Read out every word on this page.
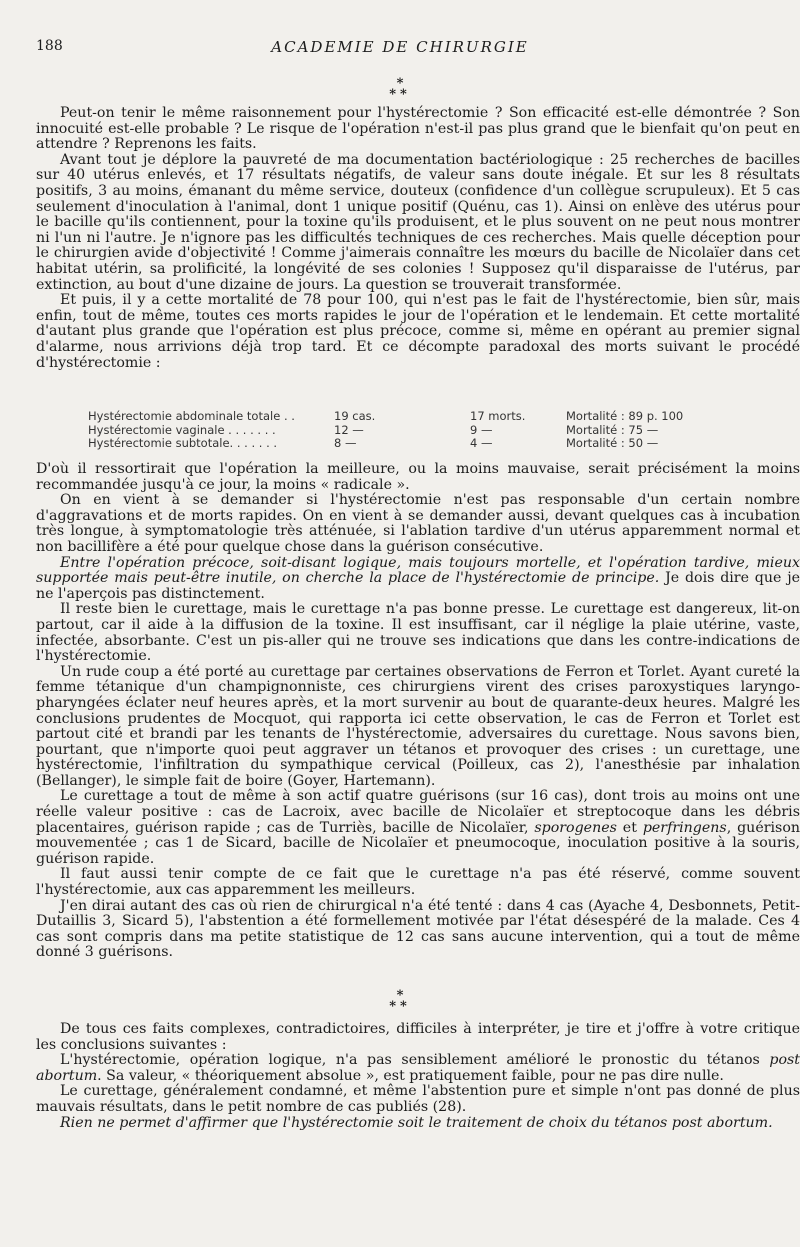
188	ACADEMIE DE CHIRURGIE
*
**

Peut-on tenir le même raisonnement pour l'hystérectomie ? Son efficacité est-elle démontrée ? Son innocuité est-elle probable ? Le risque de l'opération n'est-il pas plus grand que le bienfait qu'on peut en attendre ? Reprenons les faits.

Avant tout je déplore la pauvreté de ma documentation bactériologique : 25 recherches de bacilles sur 40 utérus enlevés, et 17 résultats négatifs, de valeur sans doute inégale. Et sur les 8 résultats positifs, 3 au moins, émanant du même service, douteux (confidence d'un collègue scrupuleux). Et 5 cas seulement d'inoculation à l'animal, dont 1 unique positif (Quénu, cas 1). Ainsi on enlève des utérus pour le bacille qu'ils contiennent, pour la toxine qu'ils produisent, et le plus souvent on ne peut nous montrer ni l'un ni l'autre. Je n'ignore pas les difficultés techniques de ces recherches. Mais quelle déception pour le chirurgien avide d'objectivité ! Comme j'aimerais connaître les mœurs du bacille de Nicolaïer dans cet habitat utérin, sa prolificité, la longévité de ses colonies ! Supposez qu'il disparaisse de l'utérus, par extinction, au bout d'une dizaine de jours. La question se trouverait transformée.

Et puis, il y a cette mortalité de 78 pour 100, qui n'est pas le fait de l'hystérectomie, bien sûr, mais enfin, tout de même, toutes ces morts rapides le jour de l'opération et le lendemain. Et cette mortalité d'autant plus grande que l'opération est plus précoce, comme si, même en opérant au premier signal d'alarme, nous arrivions déjà trop tard. Et ce décompte paradoxal des morts suivant le procédé d'hystérectomie :

Hystérectomie abdominale totale . .	19 cas.	17 morts.	Mortalité : 89 p. 100
Hystérectomie vaginale . . . . . . .	12 —	9 —	Mortalité : 75 —
Hystérectomie subtotale. . . . . . .	8 —	4 —	Mortalité : 50 —

D'où il ressortirait que l'opération la meilleure, ou la moins mauvaise, serait précisément la moins recommandée jusqu'à ce jour, la moins « radicale ».

On en vient à se demander si l'hystérectomie n'est pas responsable d'un certain nombre d'aggravations et de morts rapides. On en vient à se demander aussi, devant quelques cas à incubation très longue, à symptomatologie très atténuée, si l'ablation tardive d'un utérus apparemment normal et non bacillifère a été pour quelque chose dans la guérison consécutive.

Entre l'opération précoce, soit-disant logique, mais toujours mortelle, et l'opération tardive, mieux supportée mais peut-être inutile, on cherche la place de l'hystérectomie de principe. Je dois dire que je ne l'aperçois pas distinctement.

Il reste bien le curettage, mais le curettage n'a pas bonne presse. Le curettage est dangereux, lit-on partout, car il aide à la diffusion de la toxine. Il est insuffisant, car il néglige la plaie utérine, vaste, infectée, absorbante. C'est un pis-aller qui ne trouve ses indications que dans les contre-indications de l'hystérectomie.

Un rude coup a été porté au curettage par certaines observations de Ferron et Torlet. Ayant cureté la femme tétanique d'un champignonniste, ces chirurgiens virent des crises paroxystiques laryngo-pharyngées éclater neuf heures après, et la mort survenir au bout de quarante-deux heures. Malgré les conclusions prudentes de Mocquot, qui rapporta ici cette observation, le cas de Ferron et Torlet est partout cité et brandi par les tenants de l'hystérectomie, adversaires du curettage. Nous savons bien, pourtant, que n'importe quoi peut aggraver un tétanos et provoquer des crises : un curettage, une hystérectomie, l'infiltration du sympathique cervical (Poilleux, cas 2), l'anesthésie par inhalation (Bellanger), le simple fait de boire (Goyer, Hartemann).

Le curettage a tout de même à son actif quatre guérisons (sur 16 cas), dont trois au moins ont une réelle valeur positive : cas de Lacroix, avec bacille de Nicolaïer et streptocoque dans les débris placentaires, guérison rapide ; cas de Turriès, bacille de Nicolaïer, sporogenes et perfringens, guérison mouvementée ; cas 1 de Sicard, bacille de Nicolaïer et pneumocoque, inoculation positive à la souris, guérison rapide.

Il faut aussi tenir compte de ce fait que le curettage n'a pas été réservé, comme souvent l'hystérectomie, aux cas apparemment les meilleurs.

J'en dirai autant des cas où rien de chirurgical n'a été tenté : dans 4 cas (Ayache 4, Desbonnets, Petit-Dutaillis 3, Sicard 5), l'abstention a été formellement motivée par l'état désespéré de la malade. Ces 4 cas sont compris dans ma petite statistique de 12 cas sans aucune intervention, qui a tout de même donné 3 guérisons.

*
**

De tous ces faits complexes, contradictoires, difficiles à interpréter, je tire et j'offre à votre critique les conclusions suivantes :

L'hystérectomie, opération logique, n'a pas sensiblement amélioré le pronostic du tétanos post abortum. Sa valeur, « théoriquement absolue », est pratiquement faible, pour ne pas dire nulle.

Le curettage, généralement condamné, et même l'abstention pure et simple n'ont pas donné de plus mauvais résultats, dans le petit nombre de cas publiés (28).

Rien ne permet d'affirmer que l'hystérectomie soit le traitement de choix du tétanos post abortum.
